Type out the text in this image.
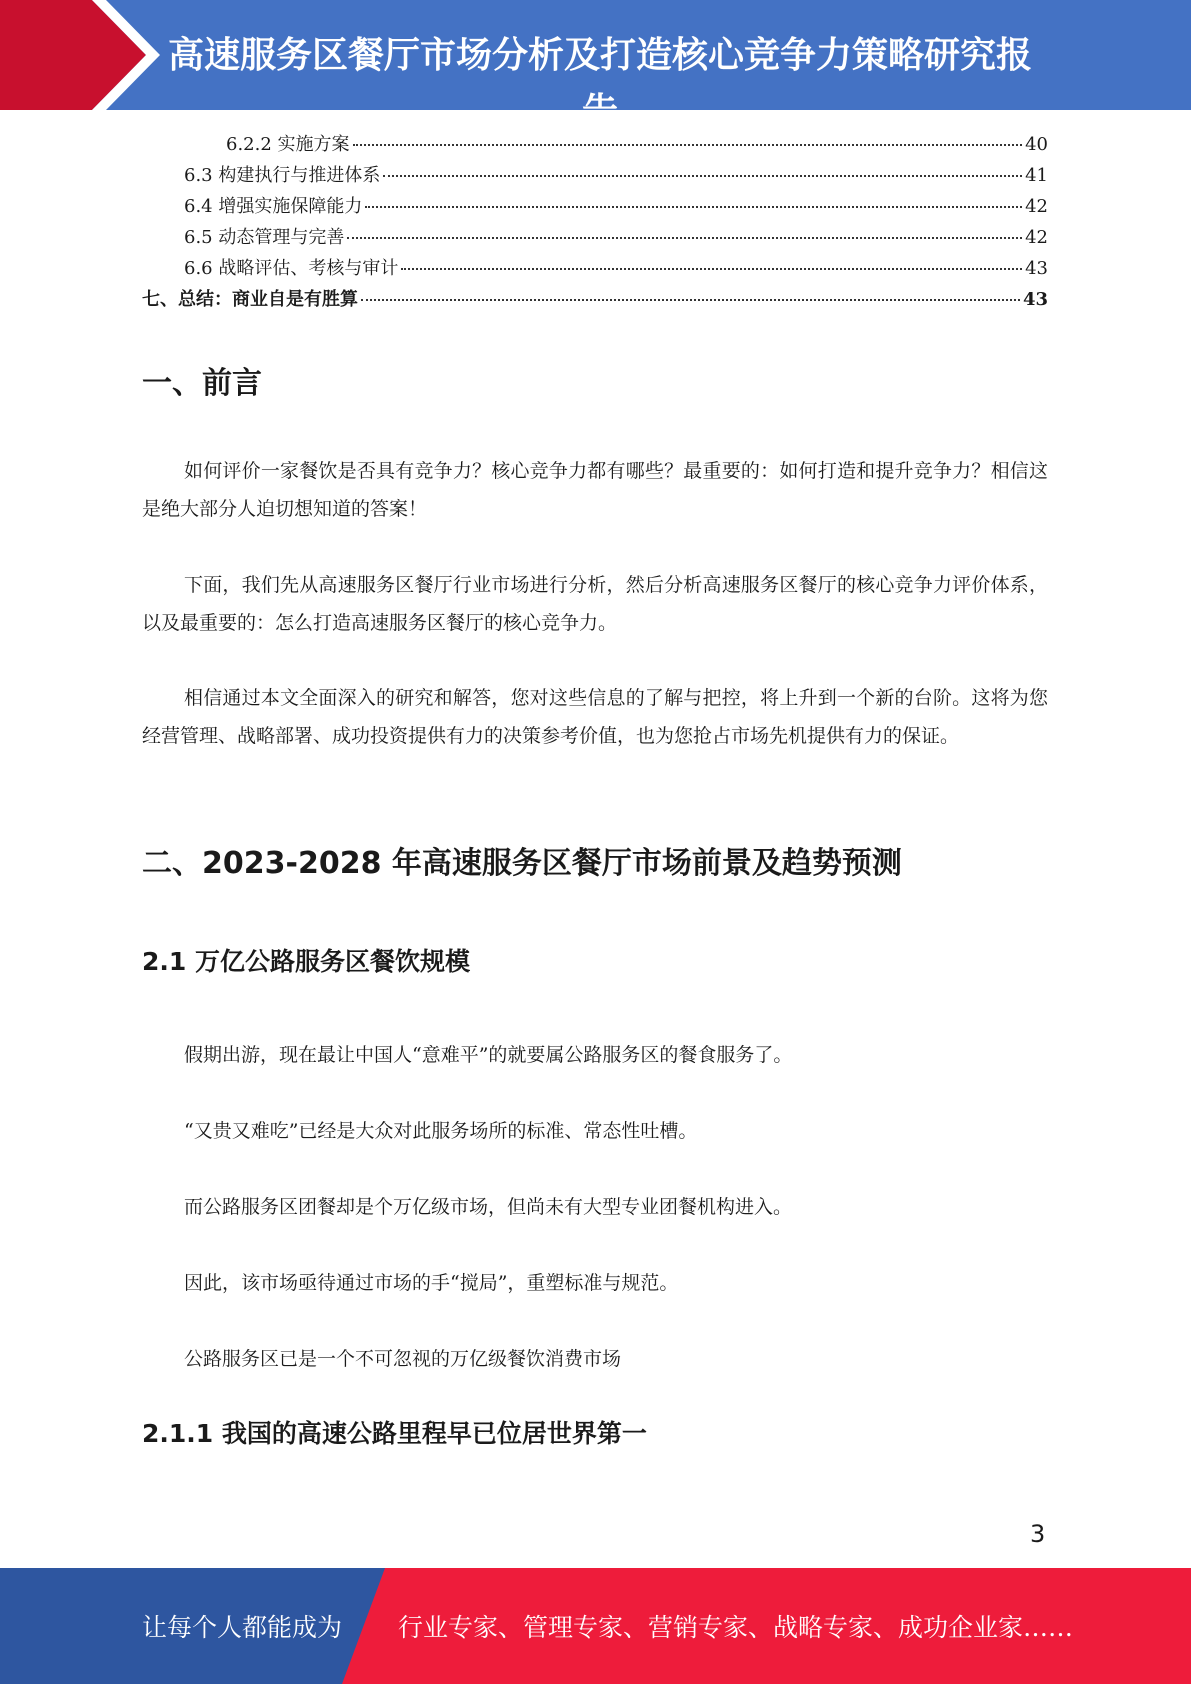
高速服务区餐厅市场分析及打造核心竞争力策略研究报告
6.2.2 实施方案	40
6.3 构建执行与推进体系	41
6.4 增强实施保障能力	42
6.5 动态管理与完善	42
6.6 战略评估、考核与审计	43
七、总结：商业自是有胜算	43
一、前言

如何评价一家餐饮是否具有竞争力？核心竞争力都有哪些？最重要的：如何打造和提升竞争力？相信这是绝大部分人迫切想知道的答案！

下面，我们先从高速服务区餐厅行业市场进行分析，然后分析高速服务区餐厅的核心竞争力评价体系，以及最重要的：怎么打造高速服务区餐厅的核心竞争力。

相信通过本文全面深入的研究和解答，您对这些信息的了解与把控，将上升到一个新的台阶。这将为您经营管理、战略部署、成功投资提供有力的决策参考价值，也为您抢占市场先机提供有力的保证。

二、2023-2028 年高速服务区餐厅市场前景及趋势预测
2.1 万亿公路服务区餐饮规模
假期出游，现在最让中国人“意难平”的就要属公路服务区的餐食服务了。
“又贵又难吃”已经是大众对此服务场所的标准、常态性吐槽。
而公路服务区团餐却是个万亿级市场，但尚未有大型专业团餐机构进入。
因此，该市场亟待通过市场的手“搅局”，重塑标准与规范。
公路服务区已是一个不可忽视的万亿级餐饮消费市场
2.1.1 我国的高速公路里程早已位居世界第一
3
让每个人都能成为 行业专家、管理专家、营销专家、战略专家、成功企业家……
